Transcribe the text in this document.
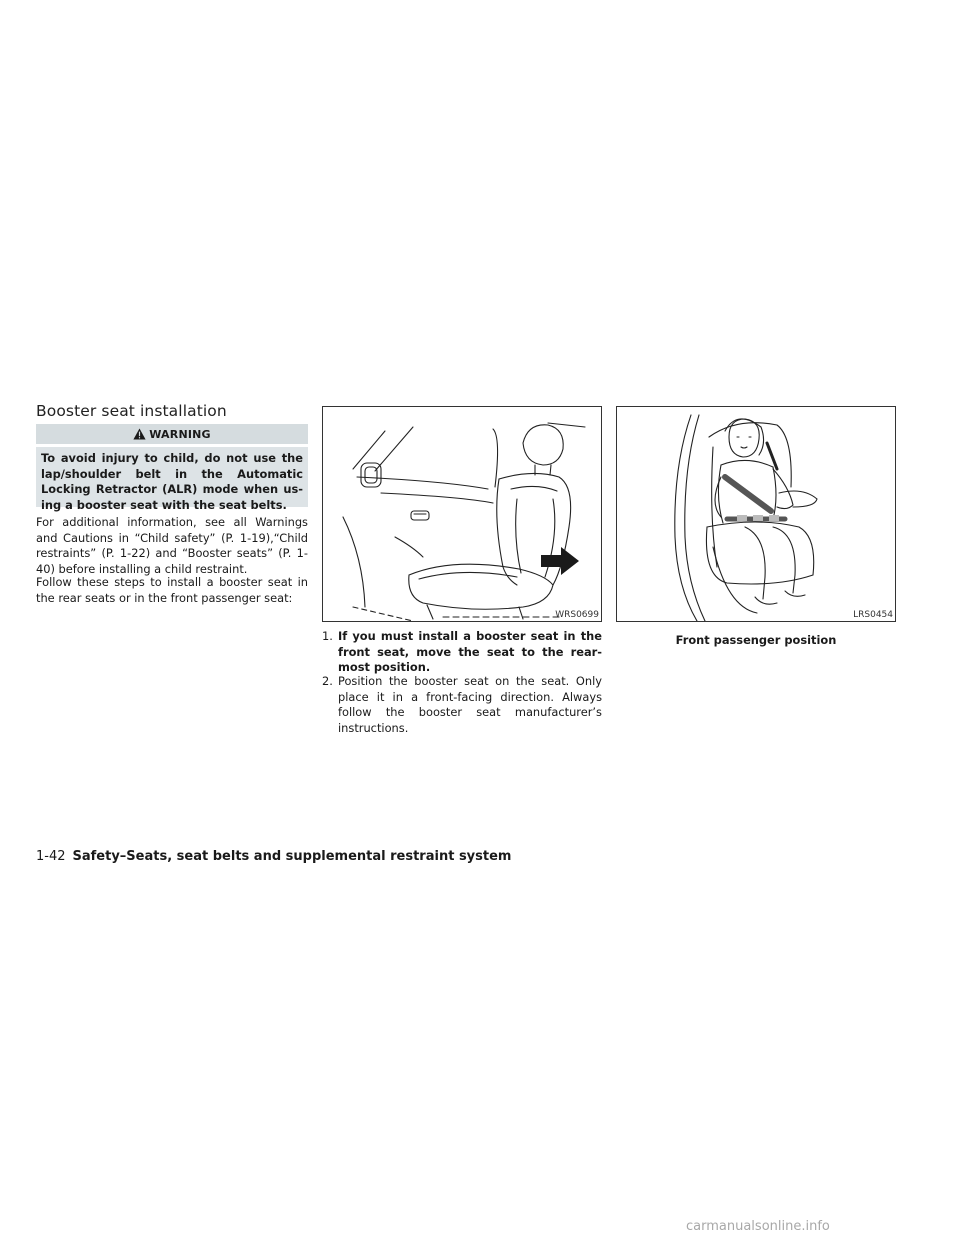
Booster seat installation
WARNING

To avoid injury to child, do not use the lap/shoulder belt in the Automatic Locking Retractor (ALR) mode when using a booster seat with the seat belts.

For additional information, see all Warnings and Cautions in “Child safety” (P. 1-19),“Child restraints” (P. 1-22) and “Booster seats” (P. 1-40) before installing a child restraint.

Follow these steps to install a booster seat in the rear seats or in the front passenger seat:

WRS0699	LRS0454
1. If you must install a booster seat in the front seat, move the seat to the rearmost position.
2. Position the booster seat on the seat. Only place it in a front-facing direction. Always follow the booster seat manufacturer’s instructions.
Front passenger position
1-42 Safety–Seats, seat belts and supplemental restraint system
carmanualsonline.info
